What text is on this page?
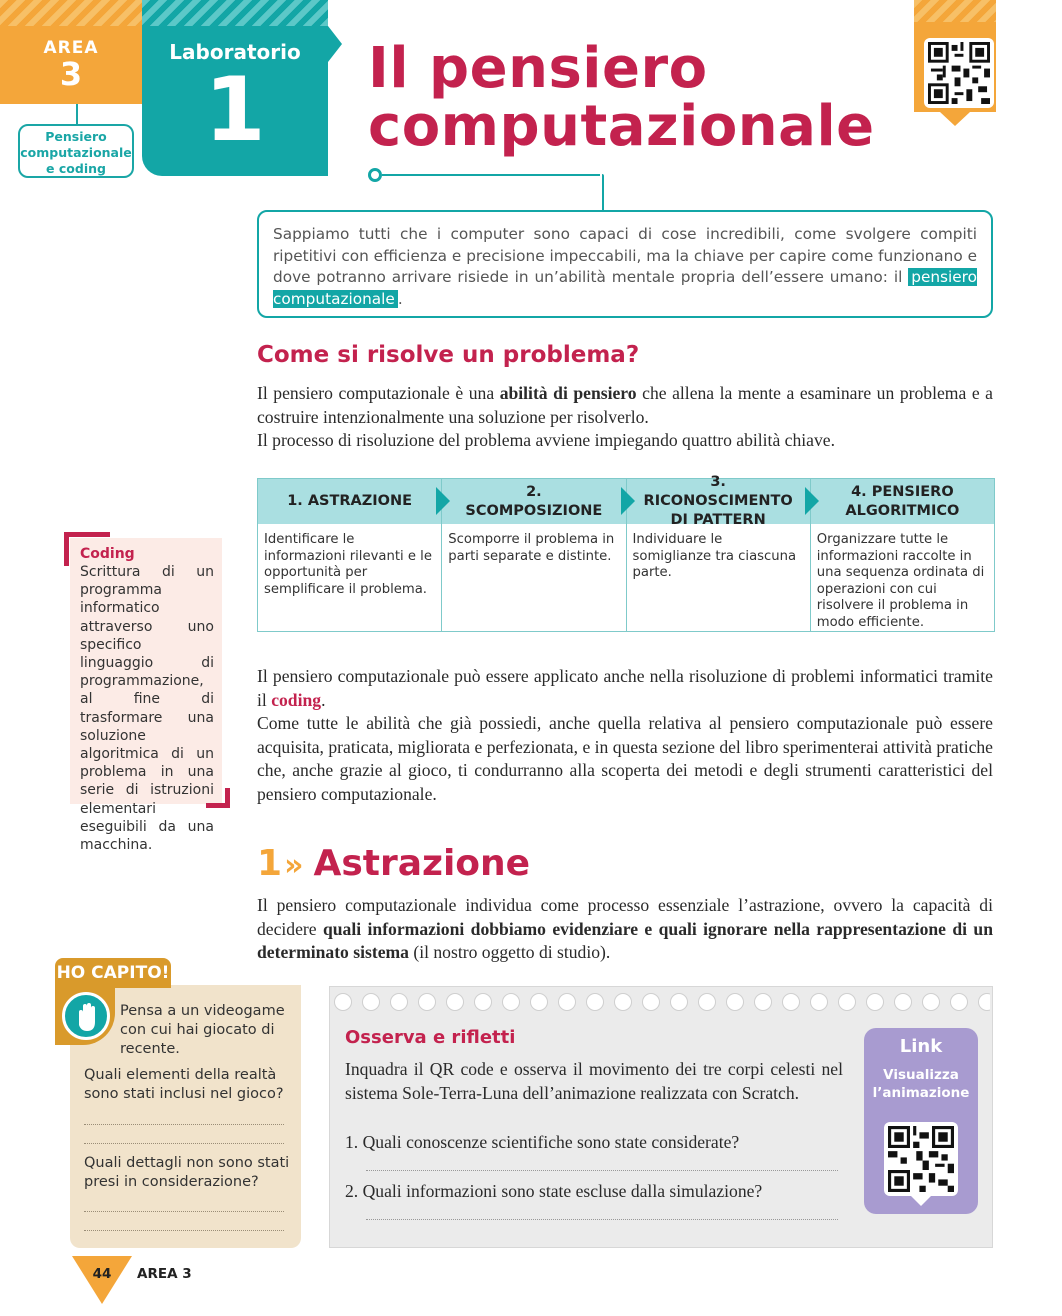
AREA
3
Pensiero computazionale e coding
Laboratorio
1	Il pensiero
computazionale
Sappiamo tutti che i computer sono capaci di cose incredibili, come svolgere compiti ripetitivi con efficienza e precisione impeccabili, ma la chiave per capire come funzionano e dove potranno arrivare risiede in un’abilità mentale propria dell’essere umano: il pensiero computazionale .
Come si risolve un problema?
Il pensiero computazionale è una abilità di pensiero che allena la mente a esaminare un problema e a costruire intenzionalmente una soluzione per risolverlo.
Il processo di risoluzione del problema avviene impiegando quattro abilità chiave.
1. ASTRAZIONE
Identificare le informazioni rilevanti e le opportunità per semplificare il problema.
2. SCOMPOSIZIONE
Scomporre il problema in parti separate e distinte.
3. RICONOSCIMENTO DI PATTERN
Individuare le somiglianze tra ciascuna parte.
4. PENSIERO ALGORITMICO
Organizzare tutte le informazioni raccolte in una sequenza ordinata di operazioni con cui risolvere il problema in modo efficiente.
Coding
Scrittura di un programma informatico attraverso uno specifico linguaggio di programmazione, al fine di trasformare una soluzione algoritmica di un problema in una serie di istruzioni elementari eseguibili da una macchina.
Il pensiero computazionale può essere applicato anche nella risoluzione di problemi informatici tramite il coding.
Come tutte le abilità che già possiedi, anche quella relativa al pensiero computazionale può essere acquisita, praticata, migliorata e perfezionata, e in questa sezione del libro sperimenterai attività pratiche che, anche grazie al gioco, ti condurranno alla scoperta dei metodi e degli strumenti caratteristici del pensiero computazionale.
1» Astrazione
Il pensiero computazionale individua come processo essenziale l’astrazione, ovvero la capacità di decidere quali informazioni dobbiamo evidenziare e quali ignorare nella rappresentazione di un determinato sistema (il nostro oggetto di studio).
HO CAPITO!
Pensa a un videogame con cui hai giocato di recente.
Quali elementi della realtà sono stati inclusi nel gioco?
Quali dettagli non sono stati presi in considerazione?
Osserva e rifletti
Inquadra il QR code e osserva il movimento dei tre corpi celesti nel sistema Sole-Terra-Luna dell’animazione realizzata con Scratch.
1. Quali conoscenze scientifiche sono state considerate?
2. Quali informazioni sono state escluse dalla simulazione?
Link
Visualizza l’animazione
44	AREA 3
